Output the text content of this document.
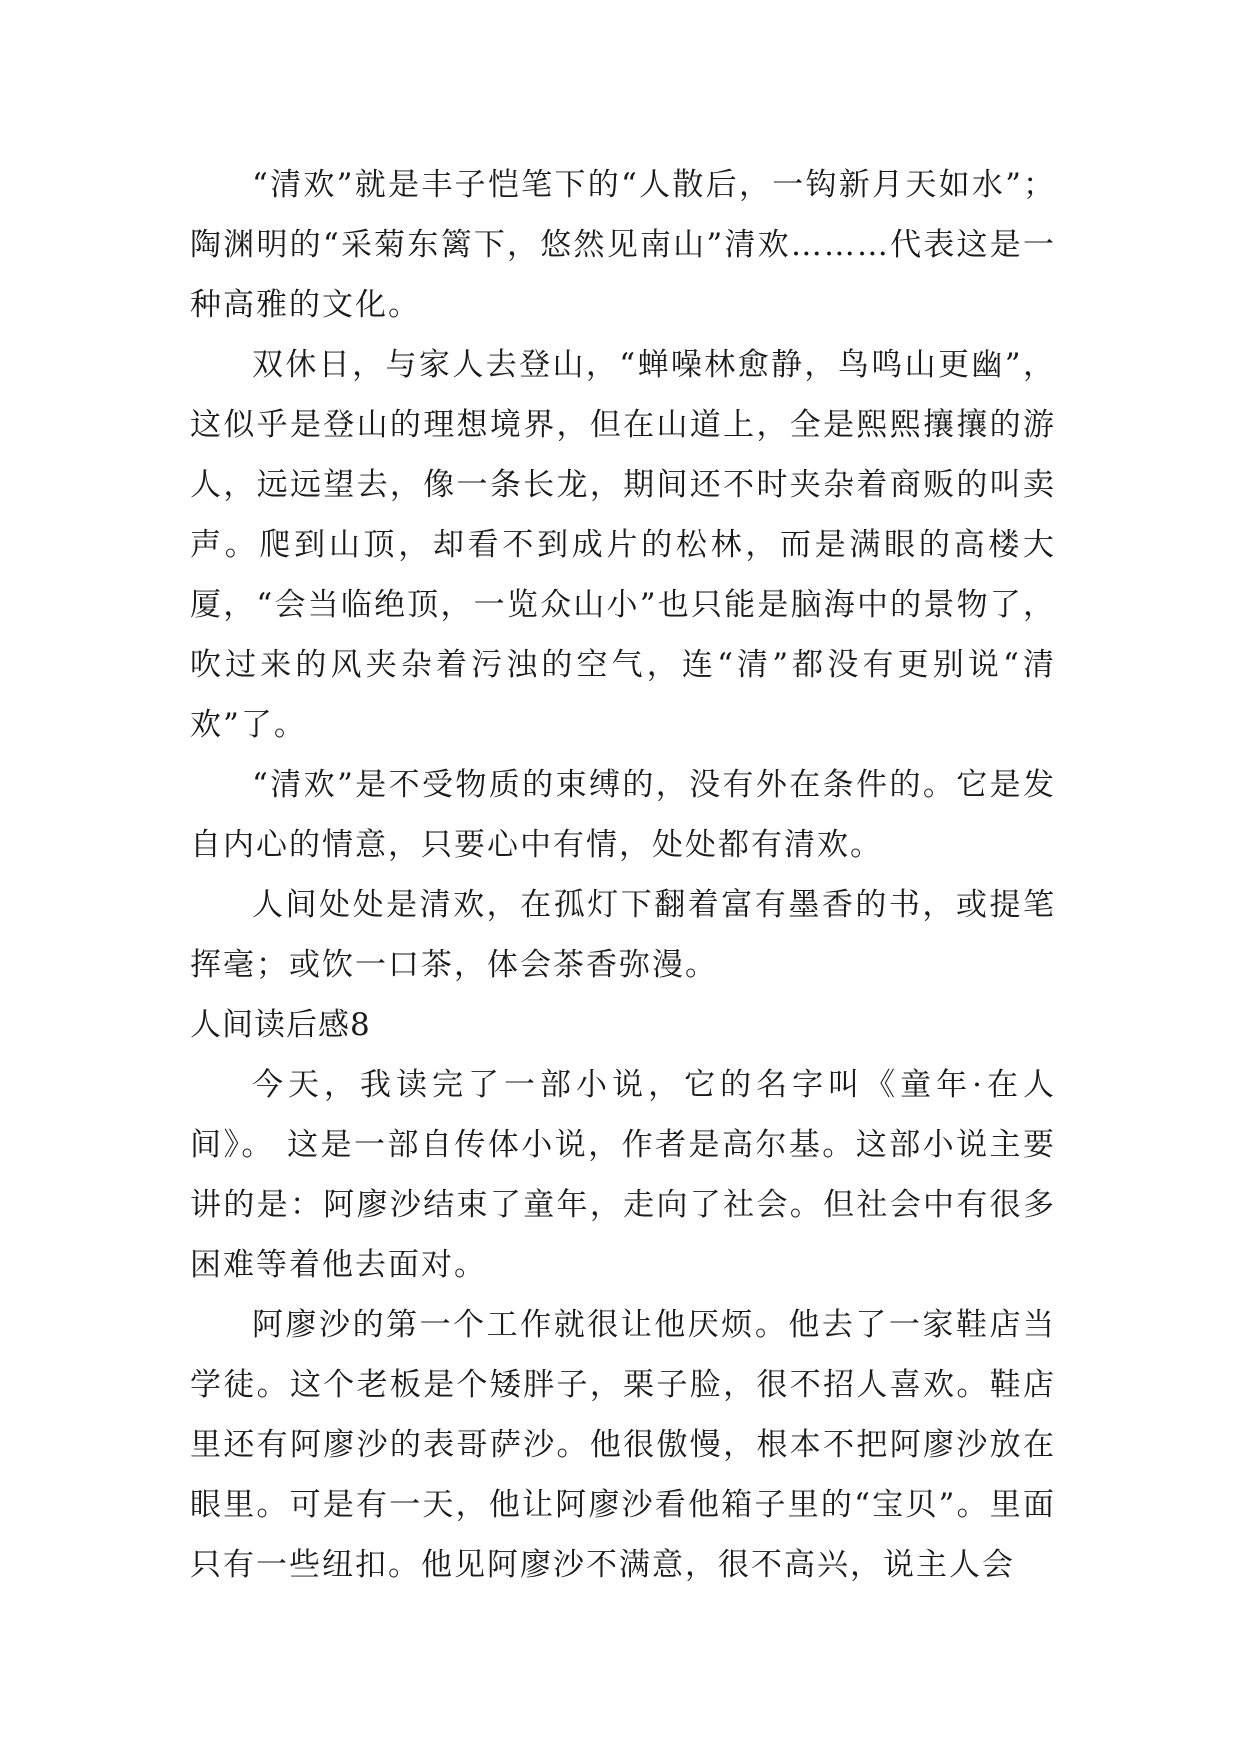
“清欢”就是丰子恺笔下的“人散后，一钩新月天如水”；陶渊明的“采菊东篱下，悠然见南山”清欢………代表这是一种高雅的文化。

双休日，与家人去登山，“蝉噪林愈静，鸟鸣山更幽”，这似乎是登山的理想境界，但在山道上，全是熙熙攘攘的游人，远远望去，像一条长龙，期间还不时夹杂着商贩的叫卖声。爬到山顶，却看不到成片的松林，而是满眼的高楼大厦，“会当临绝顶，一览众山小”也只能是脑海中的景物了，吹过来的风夹杂着污浊的空气，连“清”都没有更别说“清欢”了。

“清欢”是不受物质的束缚的，没有外在条件的。它是发自内心的情意，只要心中有情，处处都有清欢。

人间处处是清欢，在孤灯下翻着富有墨香的书，或提笔挥毫；或饮一口茶，体会茶香弥漫。

人间读后感8

今天，我读完了一部小说，它的名字叫《童年·在人间》。 这是一部自传体小说，作者是高尔基。这部小说主要讲的是：阿廖沙结束了童年，走向了社会。但社会中有很多困难等着他去面对。

阿廖沙的第一个工作就很让他厌烦。他去了一家鞋店当学徒。这个老板是个矮胖子，栗子脸，很不招人喜欢。鞋店里还有阿廖沙的表哥萨沙。他很傲慢，根本不把阿廖沙放在眼里。可是有一天，他让阿廖沙看他箱子里的“宝贝”。里面只有一些纽扣。他见阿廖沙不满意，很不高兴，说主人会
